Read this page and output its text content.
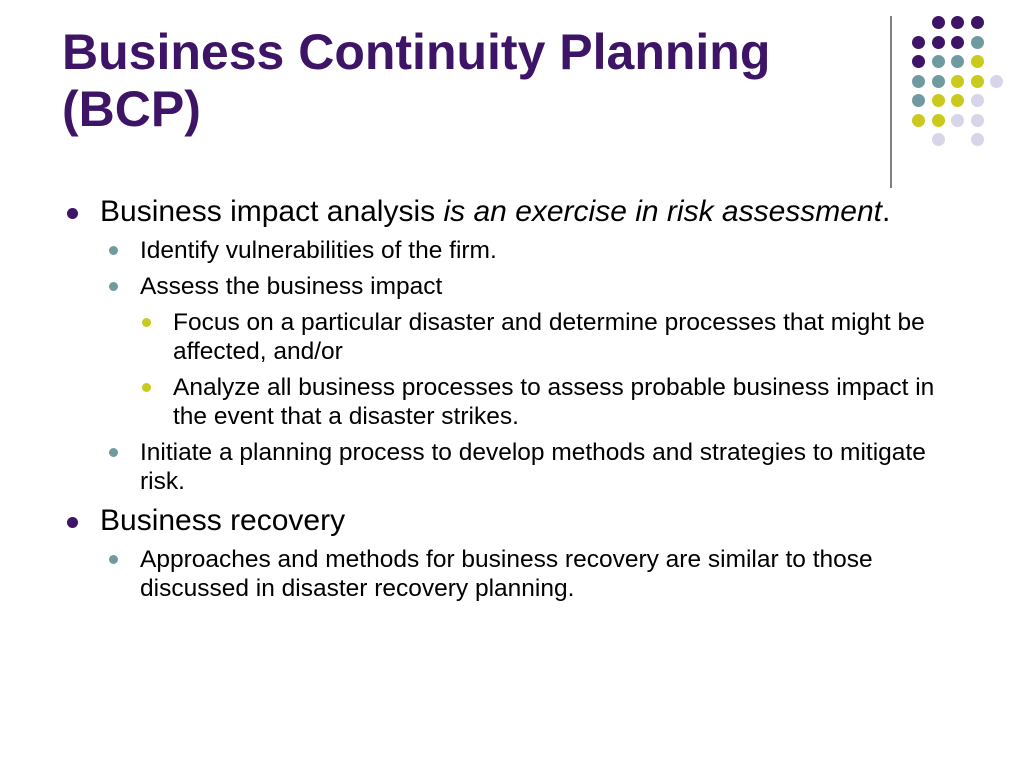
Business Continuity Planning (BCP)
Business impact analysis is an exercise in risk assessment.
Identify vulnerabilities of the firm.
Assess the business impact
Focus on a particular disaster and determine processes that might be affected, and/or
Analyze all business processes to assess probable business impact in the event that a disaster strikes.
Initiate a planning process to develop methods and strategies to mitigate risk.
Business recovery
Approaches and methods for business recovery are similar to those discussed in disaster recovery planning.
